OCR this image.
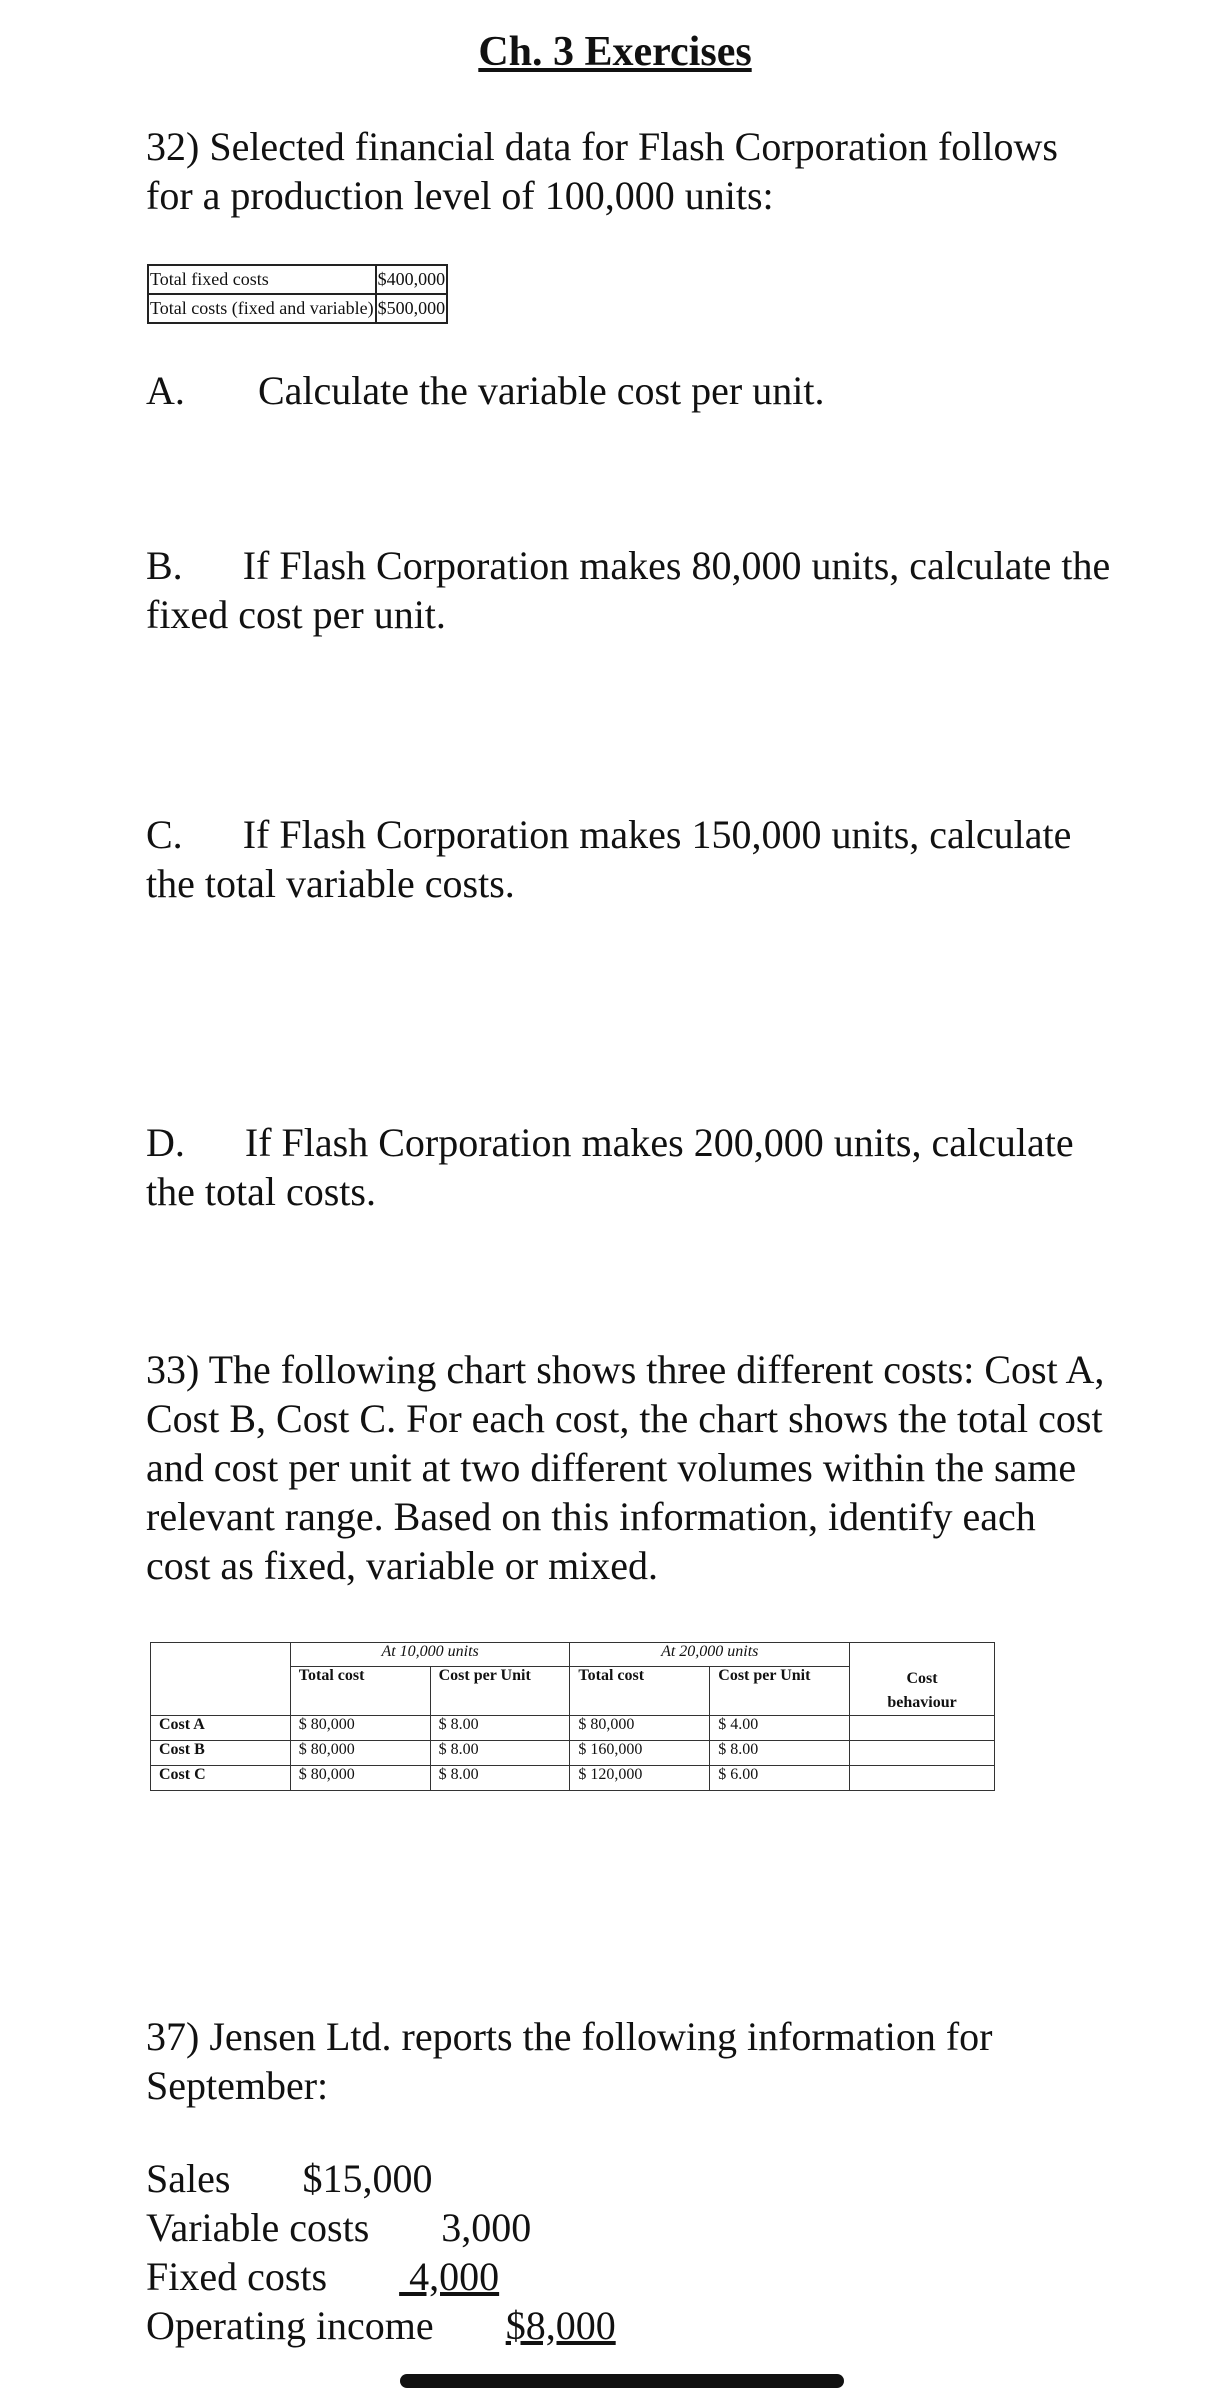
Ch. 3 Exercises
32) Selected financial data for Flash Corporation follows for a production level of 100,000 units:
Total fixed costs	$400,000
Total costs (fixed and variable)	$500,000
A. Calculate the variable cost per unit.
B. If Flash Corporation makes 80,000 units, calculate the fixed cost per unit.
C. If Flash Corporation makes 150,000 units, calculate the total variable costs.
D. If Flash Corporation makes 200,000 units, calculate the total costs.
33) The following chart shows three different costs: Cost A, Cost B, Cost C. For each cost, the chart shows the total cost and cost per unit at two different volumes within the same relevant range. Based on this information, identify each cost as fixed, variable or mixed.
	At 10,000 units		At 20,000 units		
	Total cost	Cost per Unit	Total cost	Cost per Unit	Cost
behaviour
Cost A	$ 80,000	$ 8.00	$ 80,000	$ 4.00	
Cost B	$ 80,000	$ 8.00	$ 160,000	$ 8.00	
Cost C	$ 80,000	$ 8.00	$ 120,000	$ 6.00	
37) Jensen Ltd. reports the following information for September:
Sales $15,000
Variable costs 3,000
Fixed costs 4,000
Operating income $8,000
